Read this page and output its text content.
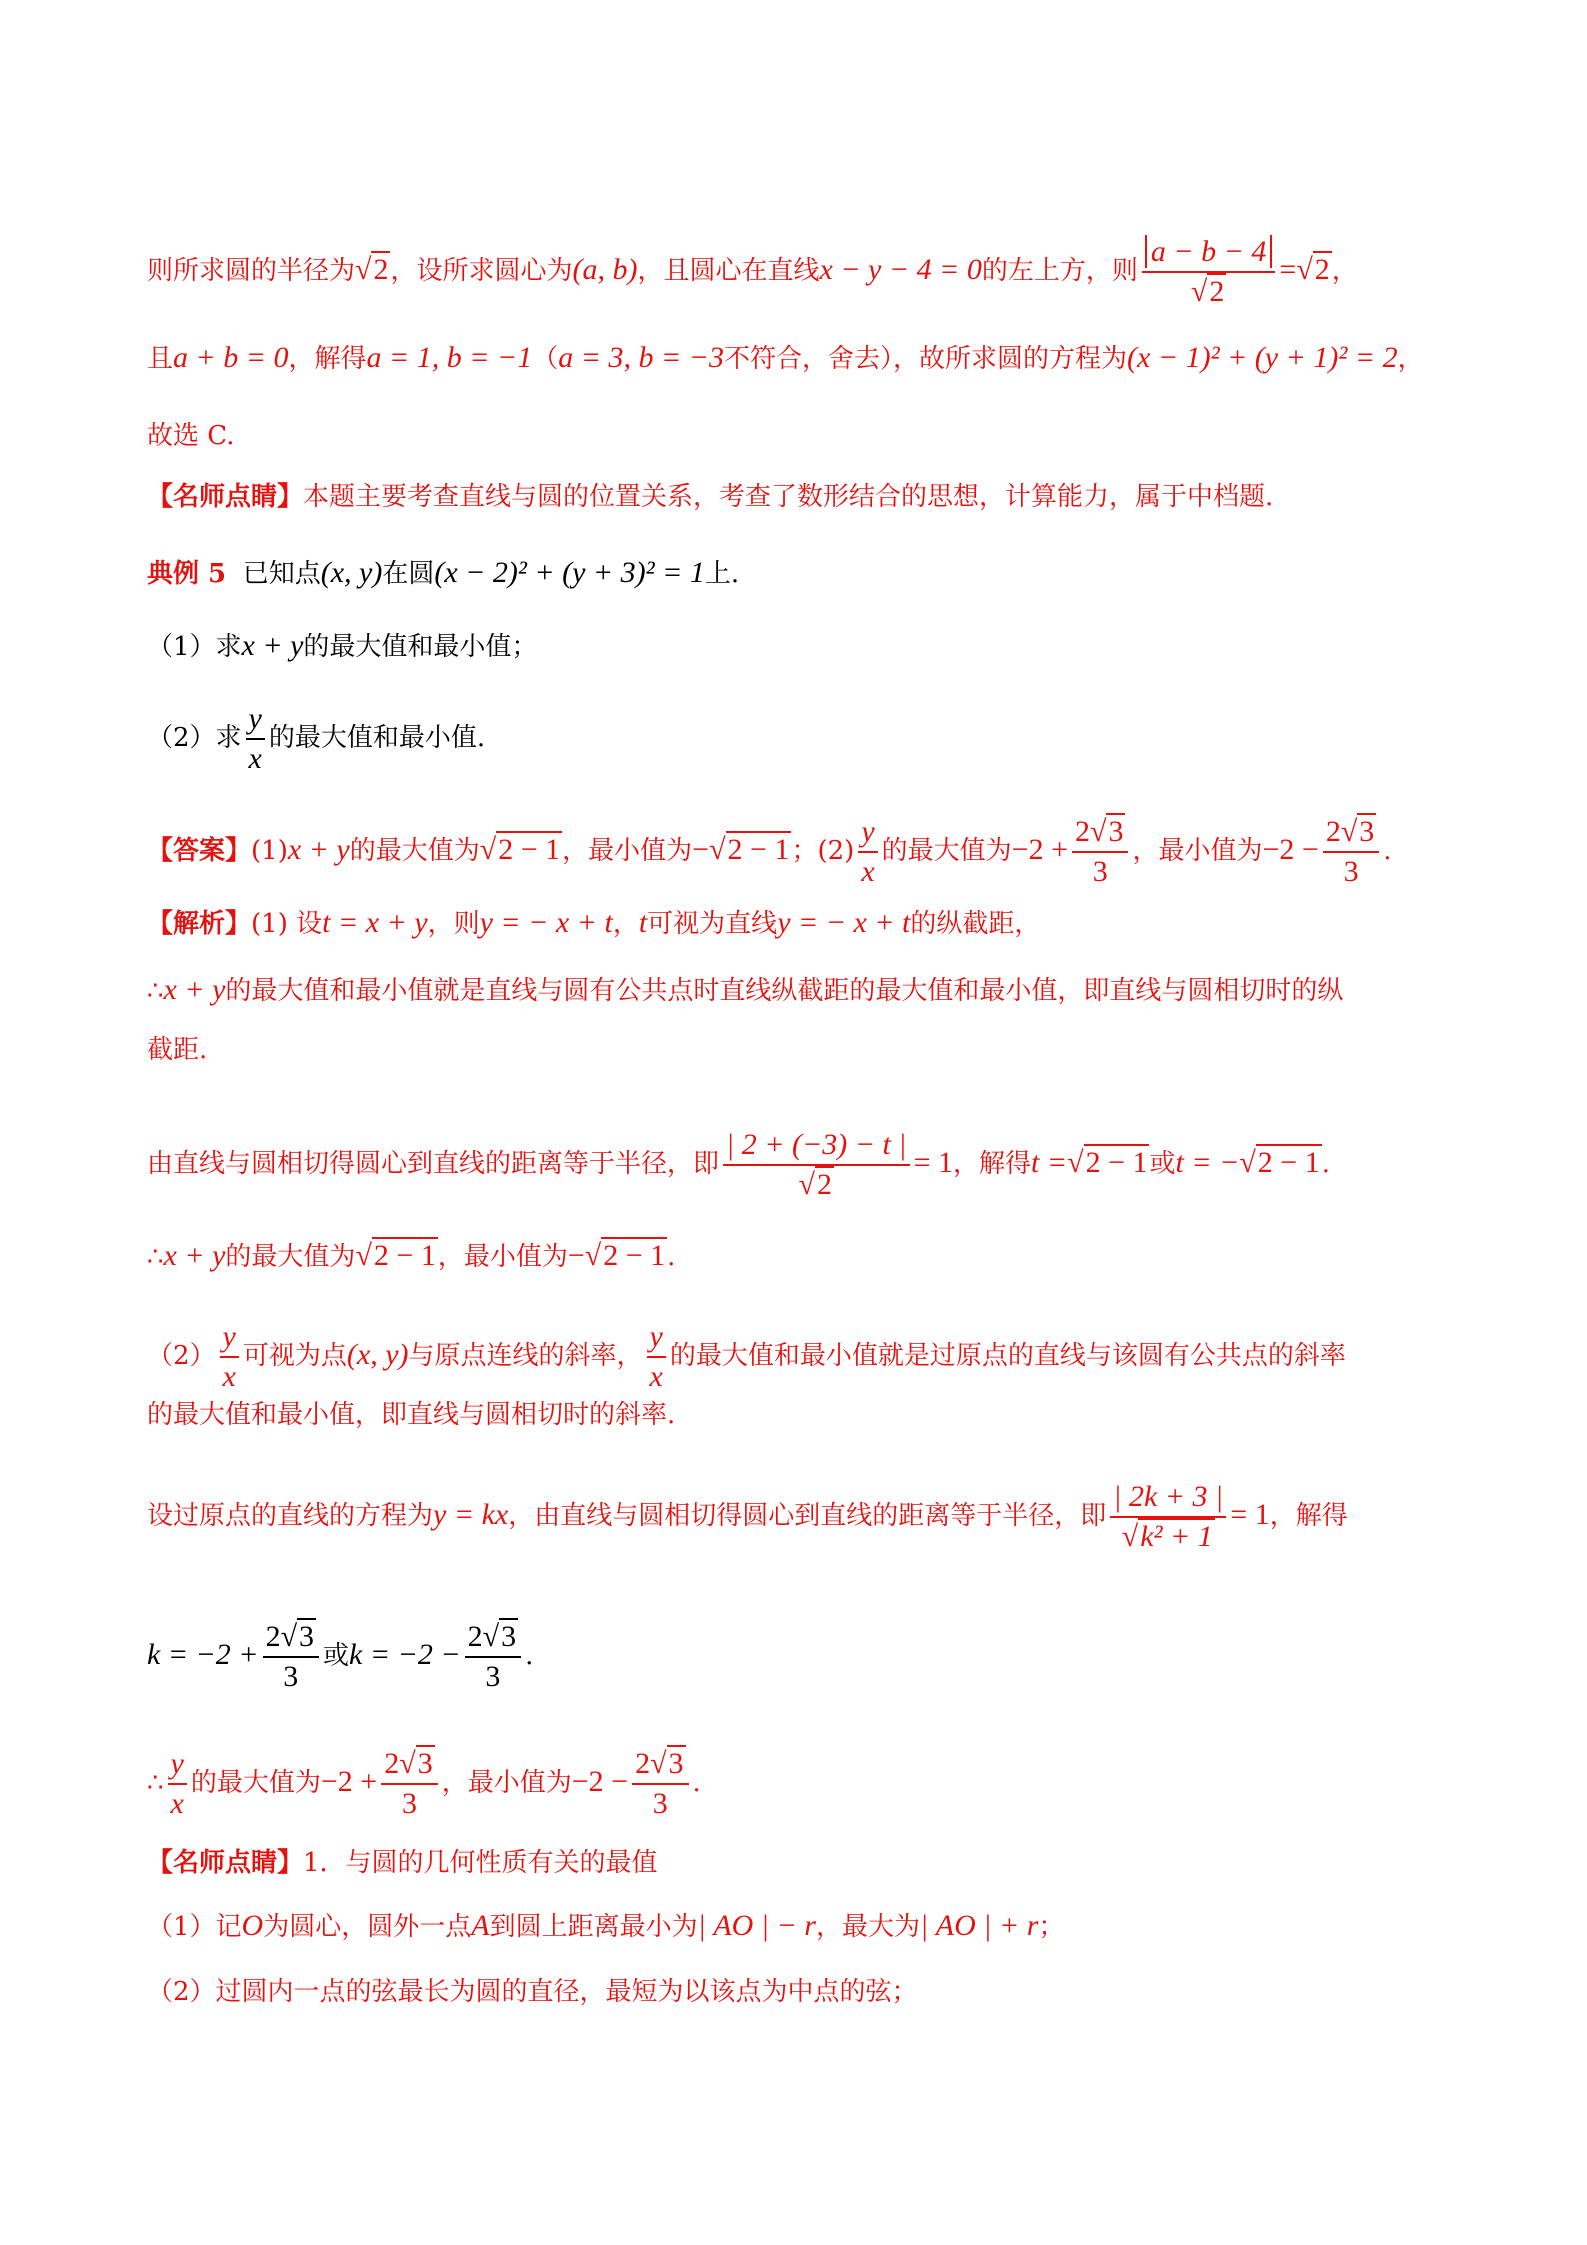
则所求圆的半径为√2，设所求圆心为(a, b)，且圆心在直线x − y − 4 = 0的左上方，则 $\frac{a - b - 4}{√2} =√2$，
且a + b = 0，解得a = 1, b = −1（a = 3, b = −3不符合，舍去），故所求圆的方程为(x − 1)² + (y + 1)² = 2，
故选 C.
【名师点睛】本题主要考查直线与圆的位置关系，考查了数形结合的思想，计算能力，属于中档题.
典例 5 已知点(x, y)在圆(x − 2)² + (y + 3)² = 1上.
（1）求x + y的最大值和最小值；
（2）求 $\frac{y}{x}$ 的最大值和最小值.
【答案】(1)x + y的最大值为√2 − 1，最小值为−√2 − 1；$(2) \frac{y}{x}$ 的最大值为$-2 + \frac{2√3}{3}$ ，最小值为$-2 - \frac{2√3}{3}$ .
【解析】(1) 设t = x + y，则y = − x + t，t可视为直线y = − x + t的纵截距，
∴x + y的最大值和最小值就是直线与圆有公共点时直线纵截距的最大值和最小值，即直线与圆相切时的纵
截距.
由直线与圆相切得圆心到直线的距离等于半径，即 $\frac{| 2 + (-3) - t |}{√2} = 1$，解得t =√2 − 1或t = −√2 − 1.
∴x + y的最大值为√2 − 1，最小值为−√2 − 1.
$(2) \frac{y}{x}$ 可视为点(x, y)与原点连线的斜率， $\frac{y}{x}$ 的最大值和最小值就是过原点的直线与该圆有公共点的斜率
的最大值和最小值，即直线与圆相切时的斜率.
设过原点的直线的方程为y = kx，由直线与圆相切得圆心到直线的距离等于半径，即 $\frac{| 2k + 3 |}{\text{√k² + 1}} = 1$，解得
$k = -2 + \frac{2√3}{3}$ 或$k = -2 - \frac{2√3}{3}$ .
∴ $\frac{y}{x}$ 的最大值为$-2 + \frac{2√3}{3}$ ，最小值为$-2 - \frac{2√3}{3}$ .
【名师点睛】1．与圆的几何性质有关的最值
（1）记O为圆心，圆外一点A到圆上距离最小为| AO | − r，最大为| AO | + r；
（2）过圆内一点的弦最长为圆的直径，最短为以该点为中点的弦；
